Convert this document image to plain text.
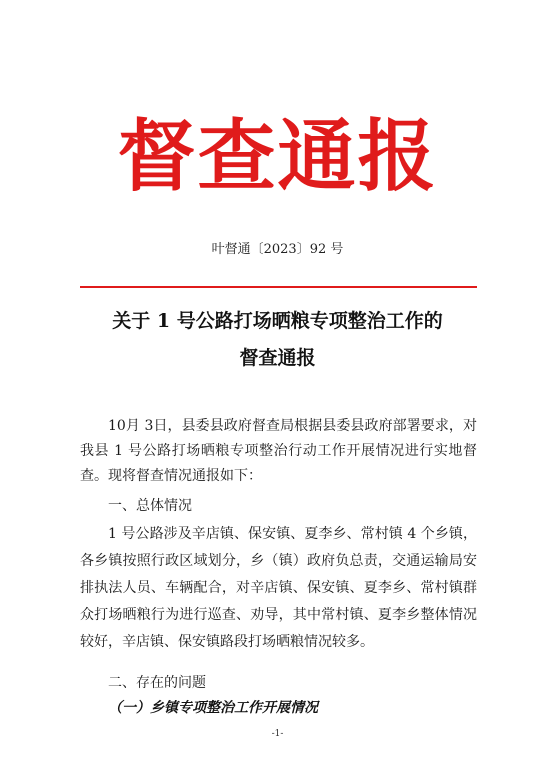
督查通报
叶督通〔2023〕92 号
关于 1 号公路打场晒粮专项整治工作的
督查通报
10月 3日，县委县政府督查局根据县委县政府部署要求，对我县 1 号公路打场晒粮专项整治行动工作开展情况进行实地督查。现将督查情况通报如下：
一、总体情况
1 号公路涉及辛店镇、保安镇、夏李乡、常村镇 4 个乡镇，各乡镇按照行政区域划分，乡（镇）政府负总责，交通运输局安排执法人员、车辆配合，对辛店镇、保安镇、夏李乡、常村镇群众打场晒粮行为进行巡查、劝导，其中常村镇、夏李乡整体情况较好，辛店镇、保安镇路段打场晒粮情况较多。
二、存在的问题
（一）乡镇专项整治工作开展情况
-1-
